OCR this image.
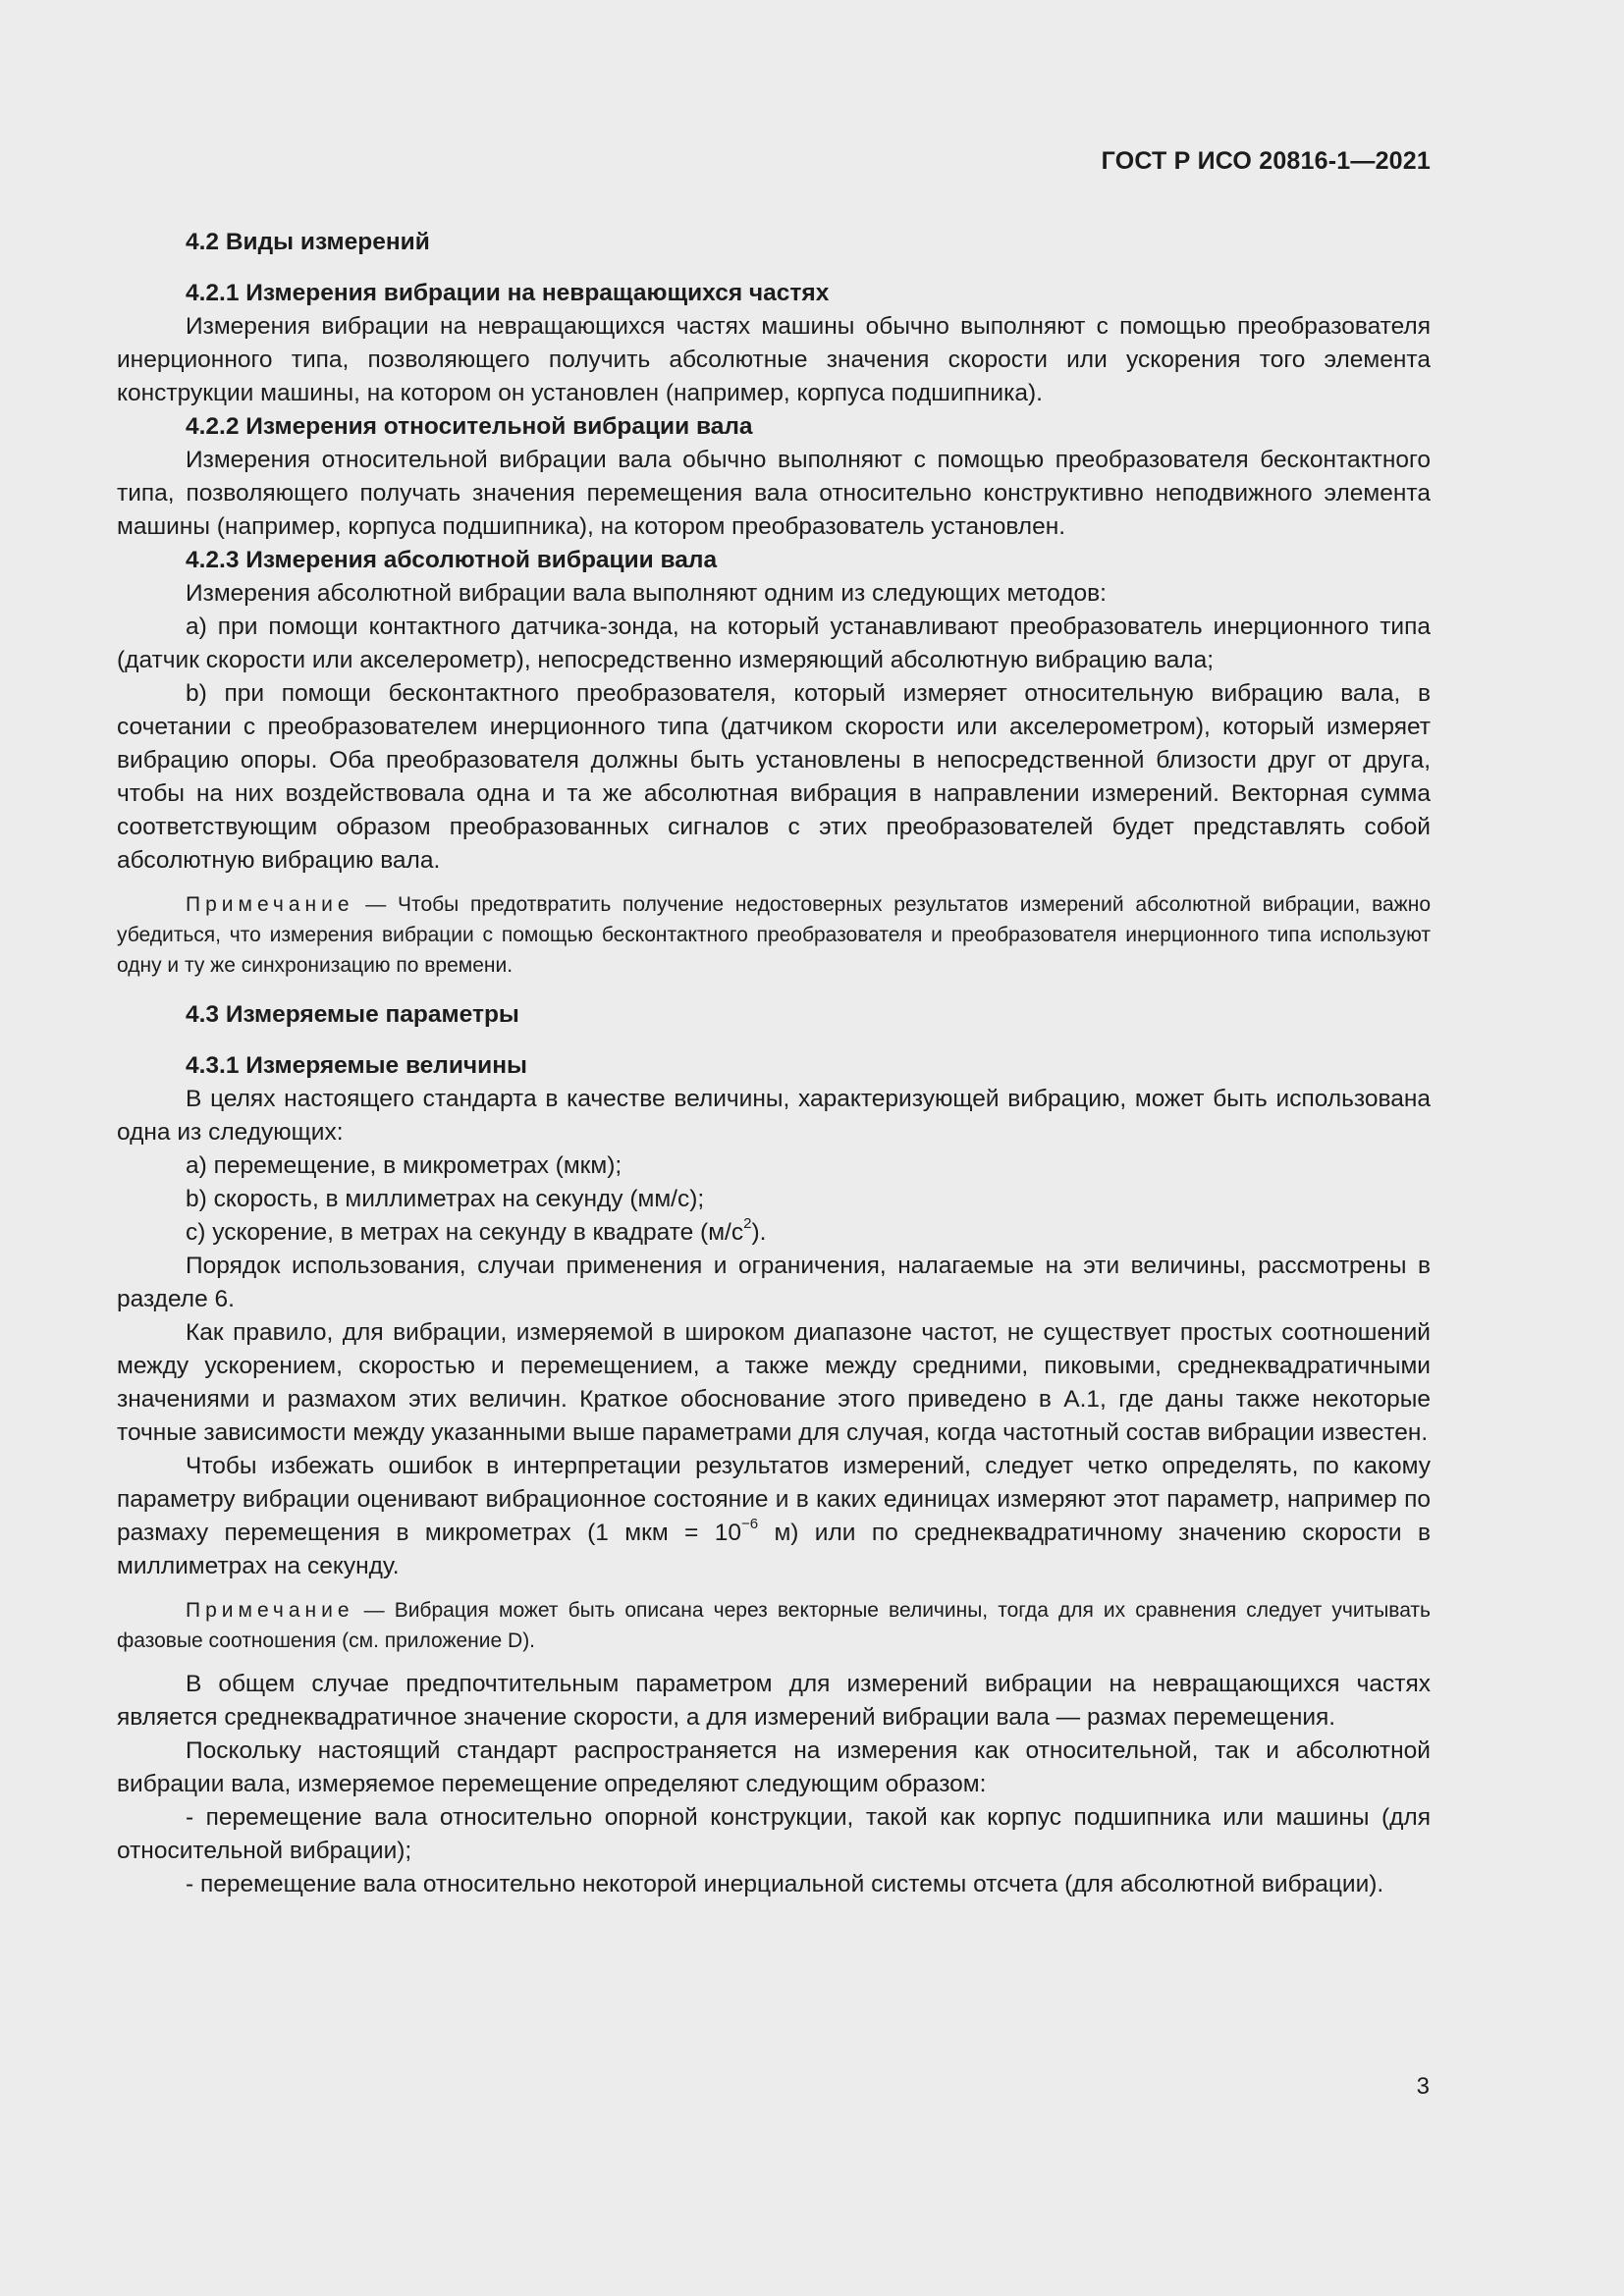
ГОСТ Р ИСО 20816-1—2021
4.2 Виды измерений
4.2.1 Измерения вибрации на невращающихся частях

Измерения вибрации на невращающихся частях машины обычно выполняют с помощью преобразователя инерционного типа, позволяющего получить абсолютные значения скорости или ускорения того элемента конструкции машины, на котором он установлен (например, корпуса подшипника).

4.2.2 Измерения относительной вибрации вала

Измерения относительной вибрации вала обычно выполняют с помощью преобразователя бесконтактного типа, позволяющего получать значения перемещения вала относительно конструктивно неподвижного элемента машины (например, корпуса подшипника), на котором преобразователь установлен.

4.2.3 Измерения абсолютной вибрации вала

Измерения абсолютной вибрации вала выполняют одним из следующих методов:

a) при помощи контактного датчика-зонда, на который устанавливают преобразователь инерционного типа (датчик скорости или акселерометр), непосредственно измеряющий абсолютную вибрацию вала;

b) при помощи бесконтактного преобразователя, который измеряет относительную вибрацию вала, в сочетании с преобразователем инерционного типа (датчиком скорости или акселерометром), который измеряет вибрацию опоры. Оба преобразователя должны быть установлены в непосредственной близости друг от друга, чтобы на них воздействовала одна и та же абсолютная вибрация в направлении измерений. Векторная сумма соответствующим образом преобразованных сигналов с этих преобразователей будет представлять собой абсолютную вибрацию вала.

Примечание — Чтобы предотвратить получение недостоверных результатов измерений абсолютной вибрации, важно убедиться, что измерения вибрации с помощью бесконтактного преобразователя и преобразователя инерционного типа используют одну и ту же синхронизацию по времени.

4.3 Измеряемые параметры
4.3.1 Измеряемые величины

В целях настоящего стандарта в качестве величины, характеризующей вибрацию, может быть использована одна из следующих:

a) перемещение, в микрометрах (мкм);

b) скорость, в миллиметрах на секунду (мм/с);

c) ускорение, в метрах на секунду в квадрате $(м/с^2)$.

Порядок использования, случаи применения и ограничения, налагаемые на эти величины, рассмотрены в разделе 6.

Как правило, для вибрации, измеряемой в широком диапазоне частот, не существует простых соотношений между ускорением, скоростью и перемещением, а также между средними, пиковыми, среднеквадратичными значениями и размахом этих величин. Краткое обоснование этого приведено в А.1, где даны также некоторые точные зависимости между указанными выше параметрами для случая, когда частотный состав вибрации известен.

Чтобы избежать ошибок в интерпретации результатов измерений, следует четко определять, по какому параметру вибрации оценивают вибрационное состояние и в каких единицах измеряют этот параметр, например по размаху перемещения в микрометрах (1 мкм = $10^{-6}$ м) или по среднеквадратичному значению скорости в миллиметрах на секунду.

Примечание — Вибрация может быть описана через векторные величины, тогда для их сравнения следует учитывать фазовые соотношения (см. приложение D).

В общем случае предпочтительным параметром для измерений вибрации на невращающихся частях является среднеквадратичное значение скорости, а для измерений вибрации вала — размах перемещения.

Поскольку настоящий стандарт распространяется на измерения как относительной, так и абсолютной вибрации вала, измеряемое перемещение определяют следующим образом:

- перемещение вала относительно опорной конструкции, такой как корпус подшипника или машины (для относительной вибрации);

- перемещение вала относительно некоторой инерциальной системы отсчета (для абсолютной вибрации).

3
